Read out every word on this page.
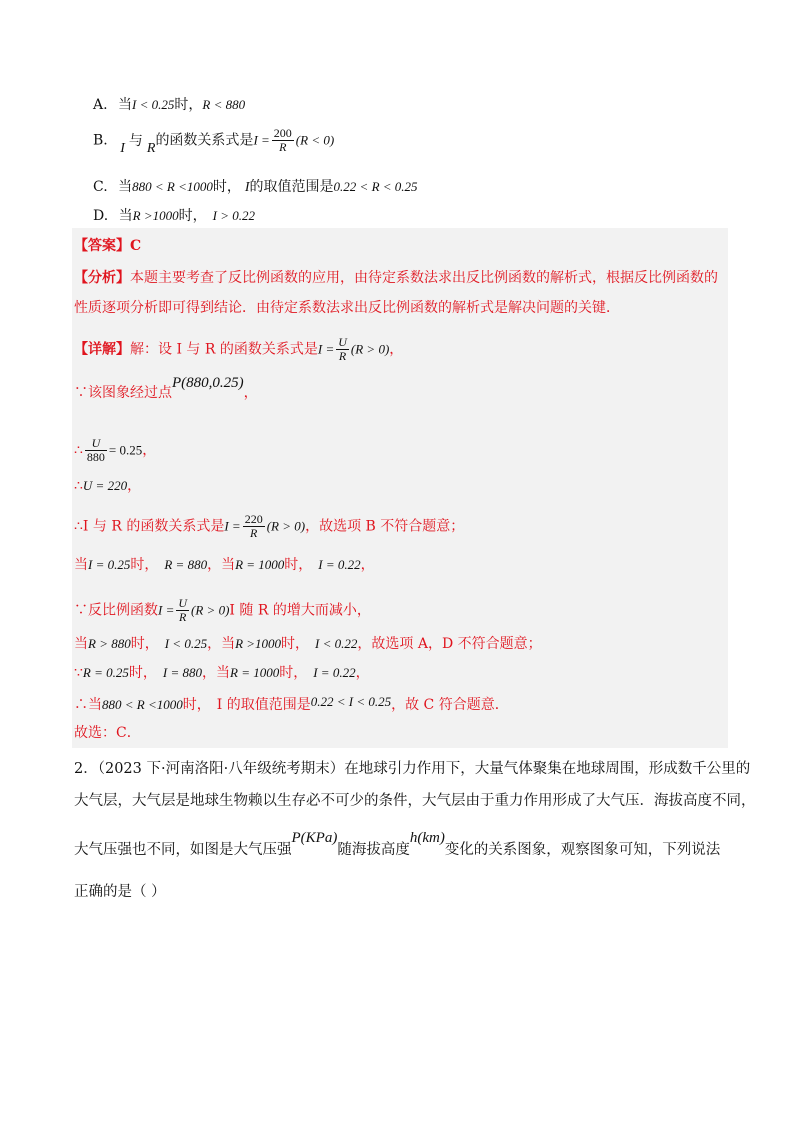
A. 当I < 0.25时，R < 880
B. I 与 R的函数关系式是$I = \frac{200}{R} (R < 0)$
C. 当880 < R <1000时， I的取值范围是0.22 < R < 0.25
D. 当R >1000时， I > 0.22
【答案】C
【分析】本题主要考查了反比例函数的应用，由待定系数法求出反比例函数的解析式，根据反比例函数的
性质逐项分析即可得到结论．由待定系数法求出反比例函数的解析式是解决问题的关键．
【详解】解：设 I 与 R 的函数关系式是$I = \frac{U}{R} (R > 0)$，
∵该图象经过点P(880,0.25)，
∴ $\frac{U}{880} = 0.25$，
∴U = 220，
∴I 与 R 的函数关系式是$I = \frac{220}{R} (R > 0)$，故选项 B 不符合题意；
当I = 0.25时， R = 880，当R = 1000时， I = 0.22，
∵反比例函数$I = \frac{U}{R} (R > 0)I$ 随 R 的增大而减小，
当R > 880时， I < 0.25，当R >1000时， I < 0.22，故选项 A，D 不符合题意；
∵R = 0.25时， I = 880，当R = 1000时， I = 0.22，
∴当880 < R <1000时， I 的取值范围是0.22 < I < 0.25，故 C 符合题意．
故选：C．
2．（2023 下·河南洛阳·八年级统考期末）在地球引力作用下，大量气体聚集在地球周围，形成数千公里的
大气层，大气层是地球生物赖以生存必不可少的条件，大气层由于重力作用形成了大气压．海拔高度不同，
大气压强也不同，如图是大气压强P(KPa)随海拔高度h(km)变化的关系图象，观察图象可知，下列说法
正确的是（ ）
